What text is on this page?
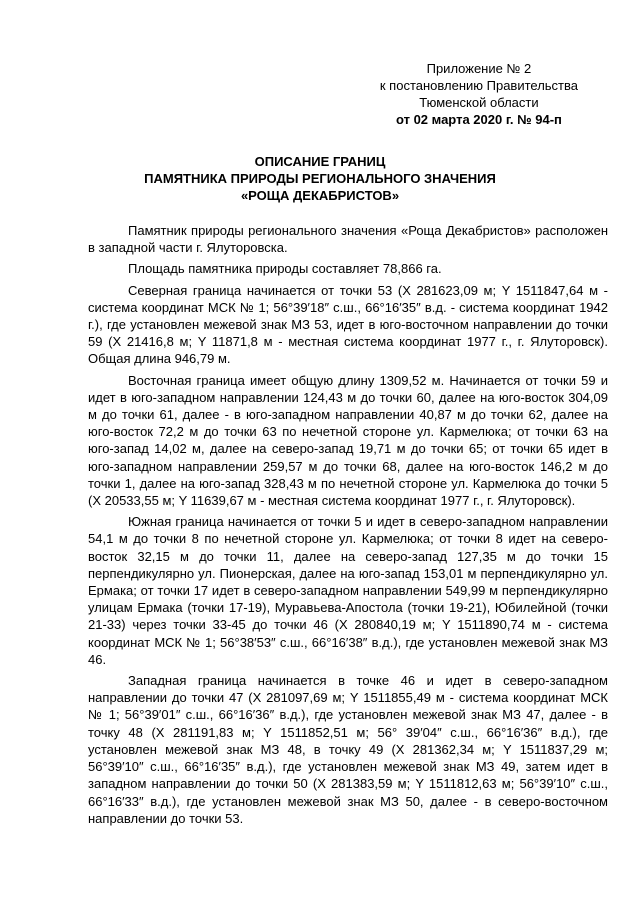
Приложение № 2
к постановлению Правительства
Тюменской области
от 02 марта 2020 г. № 94-п
ОПИСАНИЕ ГРАНИЦ
ПАМЯТНИКА ПРИРОДЫ РЕГИОНАЛЬНОГО ЗНАЧЕНИЯ
«РОЩА ДЕКАБРИСТОВ»

Памятник природы регионального значения «Роща Декабристов» расположен в западной части г. Ялуторовска.

Площадь памятника природы составляет 78,866 га.

Северная граница начинается от точки 53 (X 281623,09 м; Y 1511847,64 м - система координат МСК № 1; 56°39′18″ с.ш., 66°16′35″ в.д. - система координат 1942 г.), где установлен межевой знак МЗ 53, идет в юго-восточном направлении до точки 59 (X 21416,8 м; Y 11871,8 м - местная система координат 1977 г., г. Ялуторовск). Общая длина 946,79 м.

Восточная граница имеет общую длину 1309,52 м. Начинается от точки 59 и идет в юго-западном направлении 124,43 м до точки 60, далее на юго-восток 304,09 м до точки 61, далее - в юго-западном направлении 40,87 м до точки 62, далее на юго-восток 72,2 м до точки 63 по нечетной стороне ул. Кармелюка; от точки 63 на юго-запад 14,02 м, далее на северо-запад 19,71 м до точки 65; от точки 65 идет в юго-западном направлении 259,57 м до точки 68, далее на юго-восток 146,2 м до точки 1, далее на юго-запад 328,43 м по нечетной стороне ул. Кармелюка до точки 5 (X 20533,55 м; Y 11639,67 м - местная система координат 1977 г., г. Ялуторовск).

Южная граница начинается от точки 5 и идет в северо-западном направлении 54,1 м до точки 8 по нечетной стороне ул. Кармелюка; от точки 8 идет на северо-восток 32,15 м до точки 11, далее на северо-запад 127,35 м до точки 15 перпендикулярно ул. Пионерская, далее на юго-запад 153,01 м перпендикулярно ул. Ермака; от точки 17 идет в северо-западном направлении 549,99 м перпендикулярно улицам Ермака (точки 17-19), Муравьева-Апостола (точки 19-21), Юбилейной (точки 21-33) через точки 33-45 до точки 46 (X 280840,19 м; Y 1511890,74 м - система координат МСК № 1; 56°38′53″ с.ш., 66°16′38″ в.д.), где установлен межевой знак МЗ 46.

Западная граница начинается в точке 46 и идет в северо-западном направлении до точки 47 (X 281097,69 м; Y 1511855,49 м - система координат МСК № 1; 56°39′01″ с.ш., 66°16′36″ в.д.), где установлен межевой знак МЗ 47, далее - в точку 48 (X 281191,83 м; Y 1511852,51 м; 56° 39′04″ с.ш., 66°16′36″ в.д.), где установлен межевой знак МЗ 48, в точку 49 (X 281362,34 м; Y 1511837,29 м; 56°39′10″ с.ш., 66°16′35″ в.д.), где установлен межевой знак МЗ 49, затем идет в западном направлении до точки 50 (X 281383,59 м; Y 1511812,63 м; 56°39′10″ с.ш., 66°16′33″ в.д.), где установлен межевой знак МЗ 50, далее - в северо-восточном направлении до точки 53.
